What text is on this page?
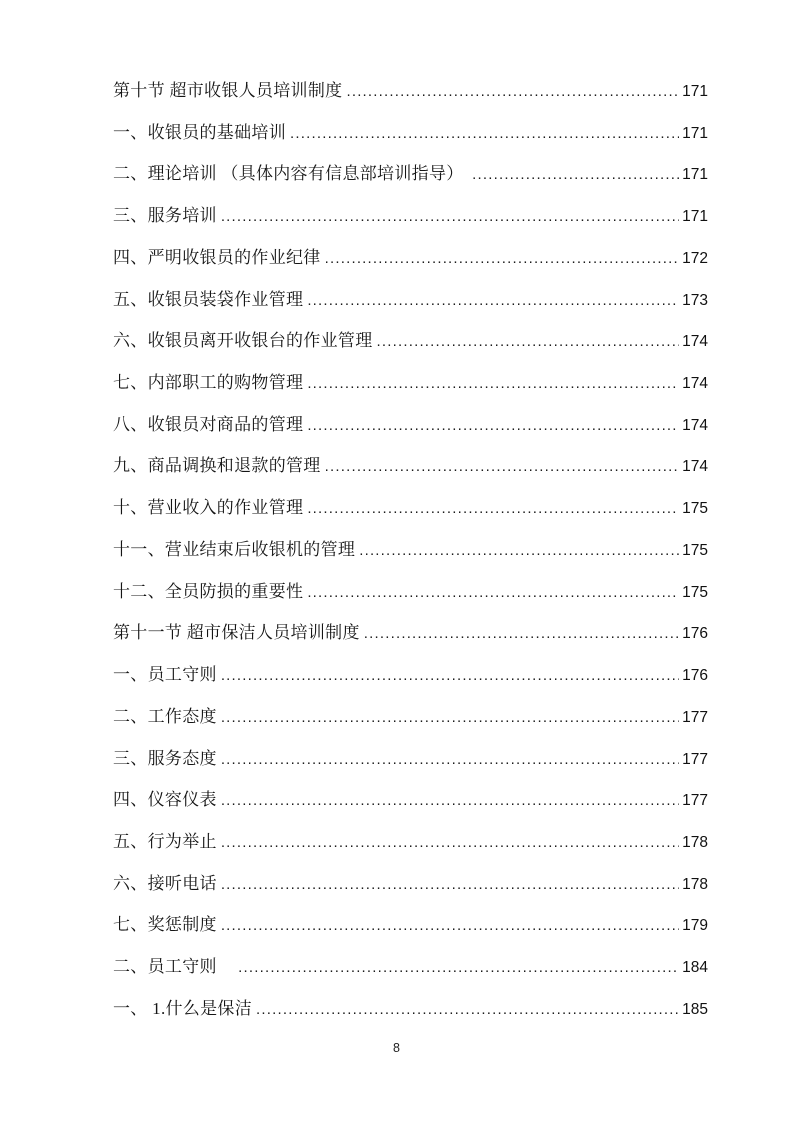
第十节 超市收银人员培训制度 .....	171
一、收银员的基础培训 .....	171
二、理论培训 （具体内容有信息部培训指导） .....	171
三、服务培训 .....	171
四、严明收银员的作业纪律 .....	172
五、收银员装袋作业管理 .....	173
六、收银员离开收银台的作业管理 .....	174
七、内部职工的购物管理 .....	174
八、收银员对商品的管理 .....	174
九、商品调换和退款的管理 .....	174
十、营业收入的作业管理 .....	175
十一、营业结束后收银机的管理 .....	175
十二、全员防损的重要性 .....	175
第十一节 超市保洁人员培训制度 .....	176
一、员工守则 .....	176
二、工作态度 .....	177
三、服务态度 .....	177
四、仪容仪表 .....	177
五、行为举止 .....	178
六、接听电话 .....	178
七、奖惩制度 .....	179
二、员工守则　 .....	184
一、 1.什么是保洁 .....	185
8
